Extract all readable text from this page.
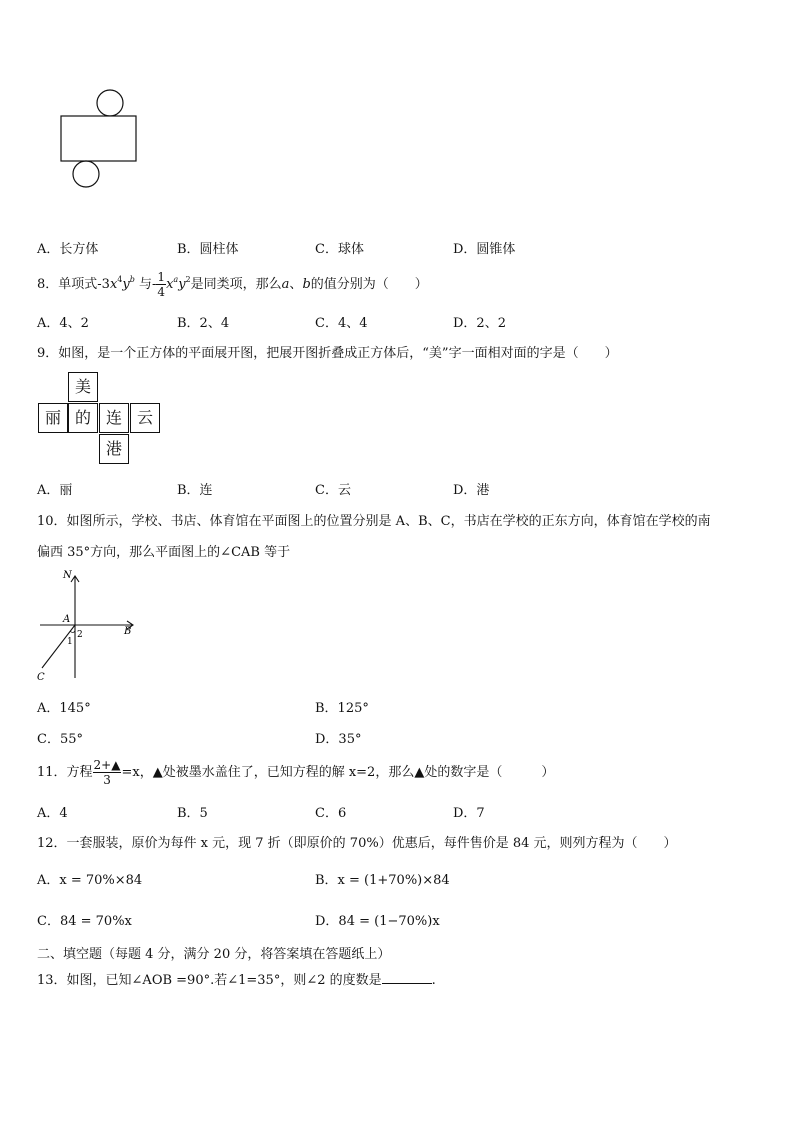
A．长方体	B．圆柱体	C．球体	D．圆锥体
8．单项式$-3x^4y^b$ 与- $\frac{1}{4} x^ay^2$是同类项，那么a、b的值分别为（　　）
A．4、2	B．2、4	C．4、4	D．2、2
9．如图，是一个正方体的平面展开图，把展开图折叠成正方体后，“美”字一面相对面的字是（　　）
美
丽 的 连 云
港
A．丽	B．连	C．云	D．港
10．如图所示，学校、书店、体育馆在平面图上的位置分别是 A、B、C，书店在学校的正东方向，体育馆在学校的南
偏西 35°方向，那么平面图上的∠CAB 等于
N
A
B
1
2
C
A．145°	B．125°
C．55°	D．35°
11．方程 $\frac{2+▲}{3} =x$，▲处被墨水盖住了，已知方程的解 x=2，那么▲处的数字是（　　　）
A．4	B．5	C．6	D．7
12．一套服装，原价为每件 x 元，现 7 折（即原价的 70%）优惠后，每件售价是 84 元，则列方程为（　　）
A．x = 70%×84	B．x = (1+70%)×84
C．84 = 70%x	D．84 = (1−70%)x
二、填空题（每题 4 分，满分 20 分，将答案填在答题纸上）
13．如图，已知∠AOB =90°.若∠1=35°，则∠2 的度数是	.
